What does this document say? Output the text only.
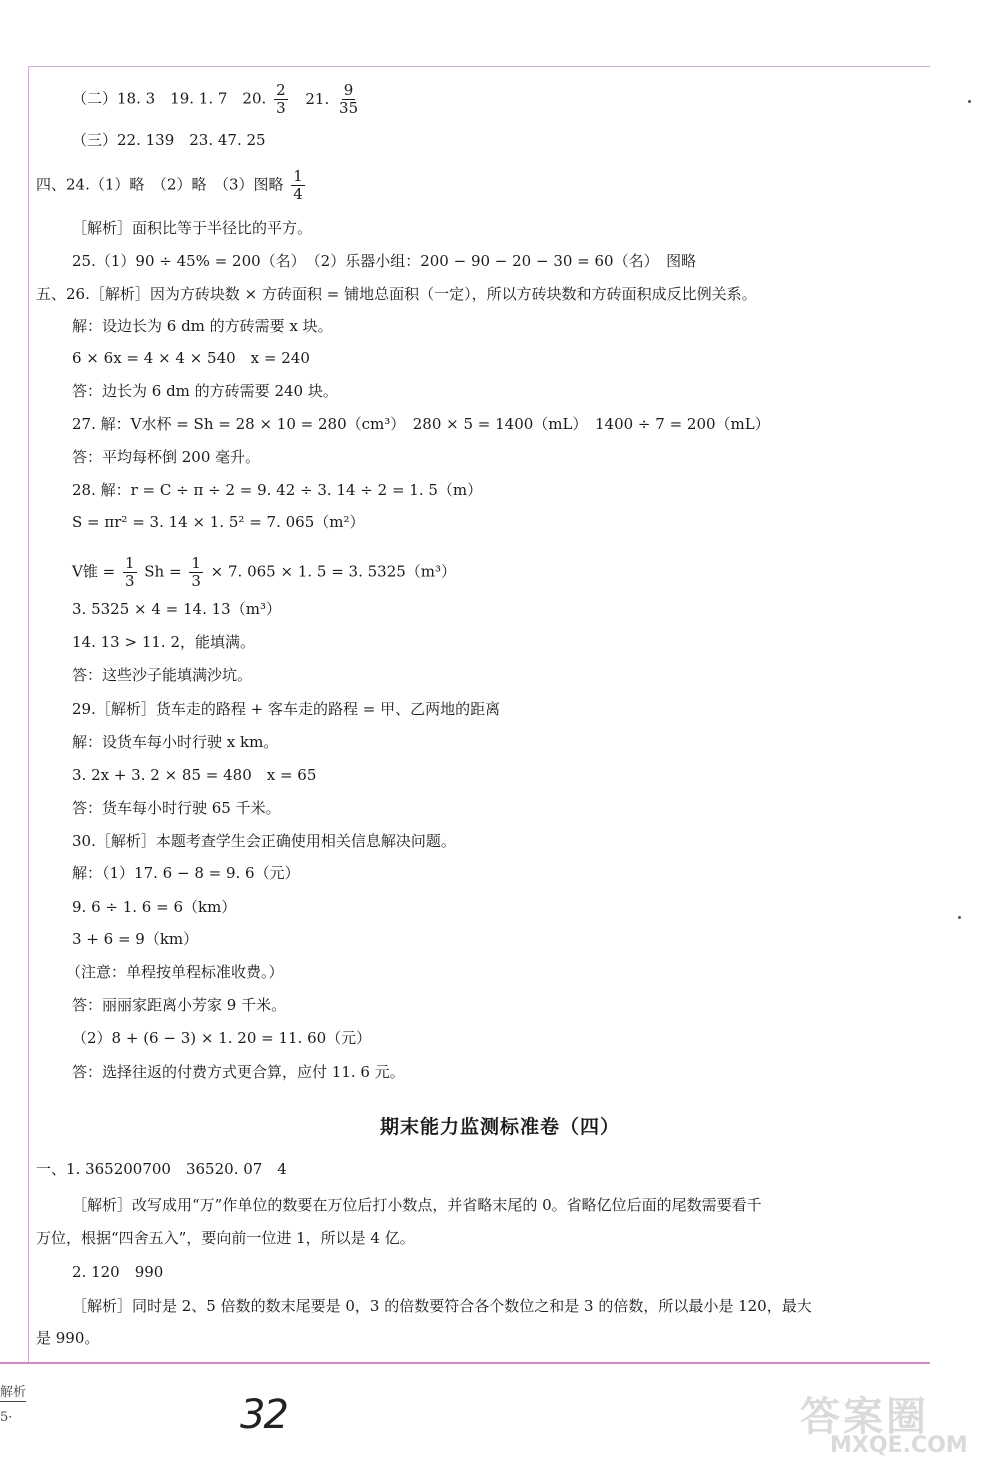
（二）18. 3　19. 1. 7　20. $\frac{2}{3} 21$. $\frac{9}{35}$
（三）22. 139　23. 47. 25
四、24.（1）略　（2）略　（3）图略 $\frac{1}{4}$
［解析］面积比等于半径比的平方。
25.（1）90 ÷ 45% = 200（名）　（2）乐器小组：200 − 90 − 20 − 30 = 60（名）　图略
五、26.［解析］因为方砖块数 × 方砖面积 = 铺地总面积（一定），所以方砖块数和方砖面积成反比例关系。
解：设边长为 6 dm 的方砖需要 x 块。
6 × 6x = 4 × 4 × 540　x = 240
答：边长为 6 dm 的方砖需要 240 块。
27. 解：V水杯 = Sh = 28 × 10 = 280（cm³）　280 × 5 = 1400（mL）　1400 ÷ 7 = 200（mL）
答：平均每杯倒 200 毫升。
28. 解：r = C ÷ π ÷ 2 = 9. 42 ÷ 3. 14 ÷ 2 = 1. 5（m）
S = πr² = 3. 14 × 1. 5² = 7. 065（m²）
V锥 = $\frac{1}{3}$ $Sh = \frac{1}{3} \times 7$. 065 × 1. 5 = 3. 5325（m³）
3. 5325 × 4 = 14. 13（m³）
14. 13 > 11. 2，能填满。
答：这些沙子能填满沙坑。
29.［解析］货车走的路程 + 客车走的路程 = 甲、乙两地的距离
解：设货车每小时行驶 x km。
3. 2x + 3. 2 × 85 = 480　x = 65
答：货车每小时行驶 65 千米。
30.［解析］本题考查学生会正确使用相关信息解决问题。
解：（1）17. 6 − 8 = 9. 6（元）
9. 6 ÷ 1. 6 = 6（km）
3 + 6 = 9（km）
（注意：单程按单程标准收费。）
答：丽丽家距离小芳家 9 千米。
（2）8 + (6 − 3) × 1. 20 = 11. 60（元）
答：选择往返的付费方式更合算，应付 11. 6 元。
期末能力监测标准卷（四）
一、1. 365200700　36520. 07　4
［解析］改写成用“万”作单位的数要在万位后打小数点，并省略末尾的 0。省略亿位后面的尾数需要看千
万位，根据“四舍五入”，要向前一位进 1，所以是 4 亿。
2. 120　990
［解析］同时是 2、5 倍数的数末尾要是 0，3 的倍数要符合各个数位之和是 3 的倍数，所以最小是 120，最大
是 990。
解析
5·	32	答案圈
MXQE.COM
